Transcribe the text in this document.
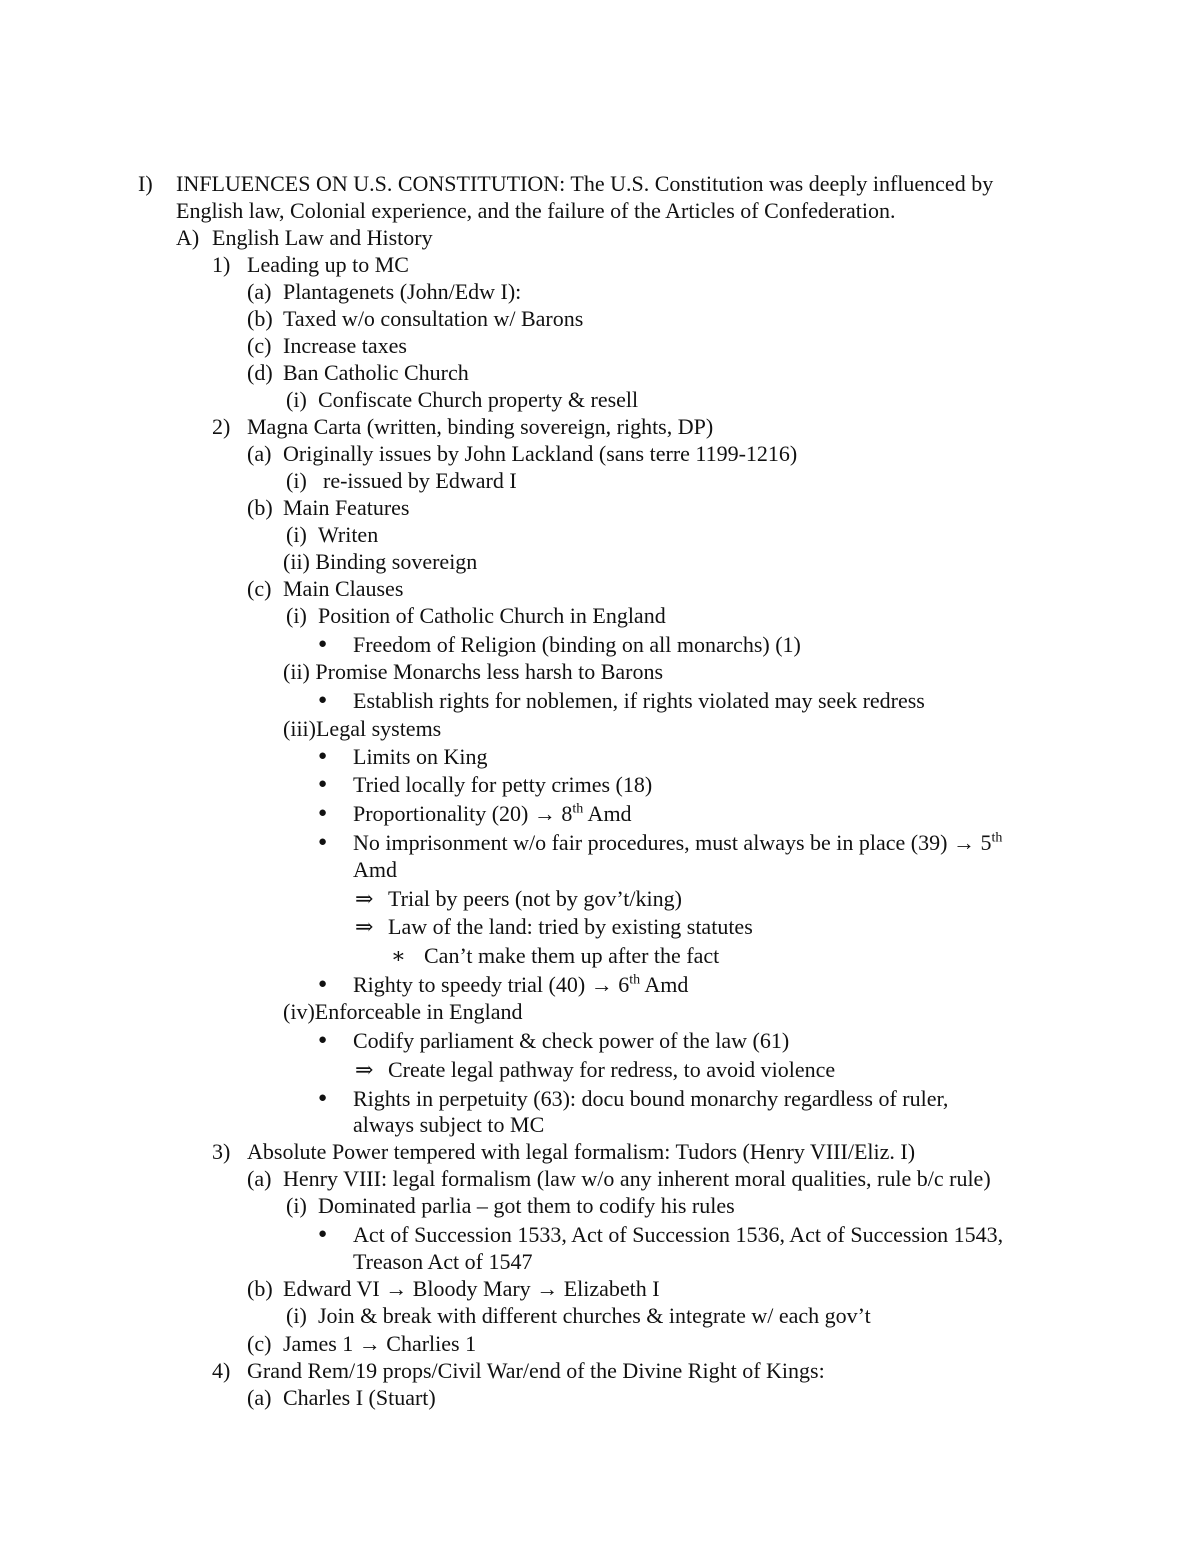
I) INFLUENCES ON U.S. CONSTITUTION: The U.S. Constitution was deeply influenced by
English law, Colonial experience, and the failure of the Articles of Confederation.
A) English Law and History
1) Leading up to MC
(a) Plantagenets (John/Edw I):
(b) Taxed w/o consultation w/ Barons
(c) Increase taxes
(d) Ban Catholic Church
(i) Confiscate Church property & resell
2) Magna Carta (written, binding sovereign, rights, DP)
(a) Originally issues by John Lackland (sans terre 1199-1216)
(i) re-issued by Edward I
(b) Main Features
(i) Writen
(ii) Binding sovereign
(c) Main Clauses
(i) Position of Catholic Church in England
● Freedom of Religion (binding on all monarchs) (1)
(ii) Promise Monarchs less harsh to Barons
● Establish rights for noblemen, if rights violated may seek redress
(iii)Legal systems
● Limits on King
● Tried locally for petty crimes (18)
● Proportionality (20) → 8th Amd
● No imprisonment w/o fair procedures, must always be in place (39) → 5th
Amd
⇒ Trial by peers (not by gov’t/king)
⇒ Law of the land: tried by existing statutes
∗ Can’t make them up after the fact
● Righty to speedy trial (40) → 6th Amd
(iv)Enforceable in England
● Codify parliament & check power of the law (61)
⇒ Create legal pathway for redress, to avoid violence
● Rights in perpetuity (63): docu bound monarchy regardless of ruler,
always subject to MC
3) Absolute Power tempered with legal formalism: Tudors (Henry VIII/Eliz. I)
(a) Henry VIII: legal formalism (law w/o any inherent moral qualities, rule b/c rule)
(i) Dominated parlia – got them to codify his rules
● Act of Succession 1533, Act of Succession 1536, Act of Succession 1543,
Treason Act of 1547
(b) Edward VI → Bloody Mary → Elizabeth I
(i) Join & break with different churches & integrate w/ each gov’t
(c) James 1 → Charlies 1
4) Grand Rem/19 props/Civil War/end of the Divine Right of Kings:
(a) Charles I (Stuart)
